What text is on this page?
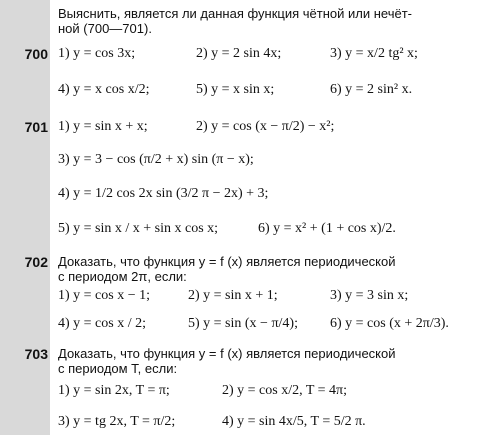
Выяснить, является ли данная функция чётной или нечёт-
ной (700—701).
700 1) y = cos 3x;	2) y = 2 sin 4x;	3) y = x/2 tg² x;
4) y = x cos x/2;	5) y = x sin x;	6) y = 2 sin² x.
701 1) y = sin x + x;	2) y = cos (x − π/2) − x²;
3) y = 3 − cos (π/2 + x) sin (π − x);
4) y = 1/2 cos 2x sin (3/2 π − 2x) + 3;
5) y = sin x / x + sin x cos x;	6) y = x² + (1 + cos x)/2.
702 Доказать, что функция y = f (x) является периодической
с периодом 2π, если:
1) y = cos x − 1;	2) y = sin x + 1;	3) y = 3 sin x;
4) y = cos x / 2;	5) y = sin (x − π/4); 6) y = cos (x + 2π/3).
703 Доказать, что функция y = f (x) является периодической
с периодом T, если:
1) y = sin 2x, T = π;	2) y = cos x/2, T = 4π;
3) y = tg 2x, T = π/2;	4) y = sin 4x/5, T = 5/2 π.
